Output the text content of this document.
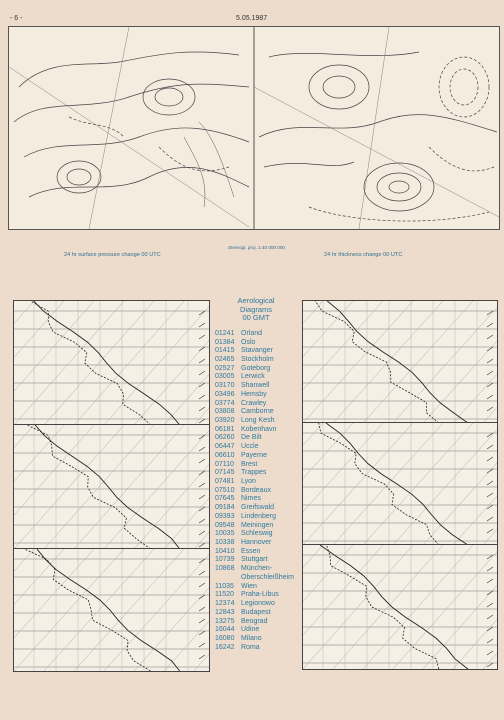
- 6 -	5.05.1987
Stereogr. proj. 1:40 000 000
24 hr surface pressure change 00 UTC	24 hr thickness change 00 UTC
Aerological
Diagrams
00 GMT
01241 Orland
01384 Oslo
01415 Stavanger
02465 Stockholm
02527 Goteborg
03005 Lerwick
03170 Shanwell
03496 Hemsby
03774 Crawley
03808 Camborne
03920 Long Kesh
06181 Kobenhavn
06260 De Bilt
06447 Uccle
06610 Payerne
07110	Brest
07145 Trappes
07481 Lyon
07510 Bordeaux
07645 Nimes
09184 Greifswald
09393 Lindenberg
09548 Meiningen
10035 Schleswig
10338 Hannover
10410 Essen
10739 Stuttgart
10868 München-
Oberschleißheim
11035	Wien
11520	Praha-Libus
12374 Legionowo
12843 Budapest
13275 Beograd
16044 Udine
16080 Milano
16242 Roma
